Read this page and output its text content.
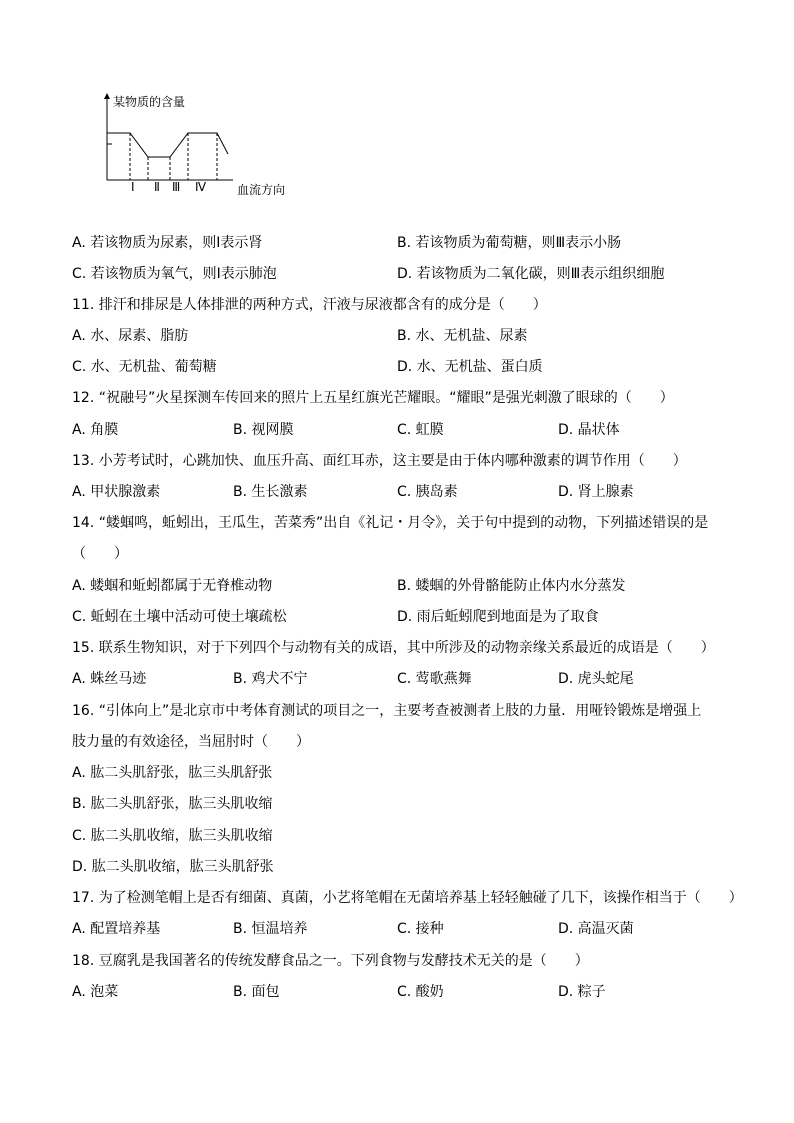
某物质的含量
血流方向
Ⅰ Ⅱ Ⅲ Ⅳ
A. 若该物质为尿素，则Ⅰ表示肾	B. 若该物质为葡萄糖，则Ⅲ表示小肠
C. 若该物质为氧气，则Ⅰ表示肺泡	D. 若该物质为二氧化碳，则Ⅲ表示组织细胞
11. 排汗和排尿是人体排泄的两种方式，汗液与尿液都含有的成分是（　　）
A. 水、尿素、脂肪	B. 水、无机盐、尿素
C. 水、无机盐、葡萄糖	D. 水、无机盐、蛋白质
12. “祝融号”火星探测车传回来的照片上五星红旗光芒耀眼。“耀眼”是强光刺激了眼球的（　　）
A. 角膜	B. 视网膜	C. 虹膜	D. 晶状体
13. 小芳考试时，心跳加快、血压升高、面红耳赤，这主要是由于体内哪种激素的调节作用（　　）
A. 甲状腺激素	B. 生长激素	C. 胰岛素	D. 肾上腺素
14. “蝼蝈鸣，蚯蚓出，王瓜生，苦菜秀”出自《礼记・月令》，关于句中提到的动物，下列描述错误的是
（　　）
A. 蝼蝈和蚯蚓都属于无脊椎动物	B. 蝼蝈的外骨骼能防止体内水分蒸发
C. 蚯蚓在土壤中活动可使土壤疏松	D. 雨后蚯蚓爬到地面是为了取食
15. 联系生物知识，对于下列四个与动物有关的成语，其中所涉及的动物亲缘关系最近的成语是（　　）
A. 蛛丝马迹	B. 鸡犬不宁	C. 莺歌燕舞	D. 虎头蛇尾
16. “引体向上”是北京市中考体育测试的项目之一，主要考查被测者上肢的力量．用哑铃锻炼是增强上
肢力量的有效途径，当屈肘时（　　）
A. 肱二头肌舒张，肱三头肌舒张
B. 肱二头肌舒张，肱三头肌收缩
C. 肱二头肌收缩，肱三头肌收缩
D. 肱二头肌收缩，肱三头肌舒张
17. 为了检测笔帽上是否有细菌、真菌，小艺将笔帽在无菌培养基上轻轻触碰了几下，该操作相当于（　　）
A. 配置培养基	B. 恒温培养	C. 接种	D. 高温灭菌
18. 豆腐乳是我国著名的传统发酵食品之一。下列食物与发酵技术无关的是（　　）
A. 泡菜	B. 面包	C. 酸奶	D. 粽子
